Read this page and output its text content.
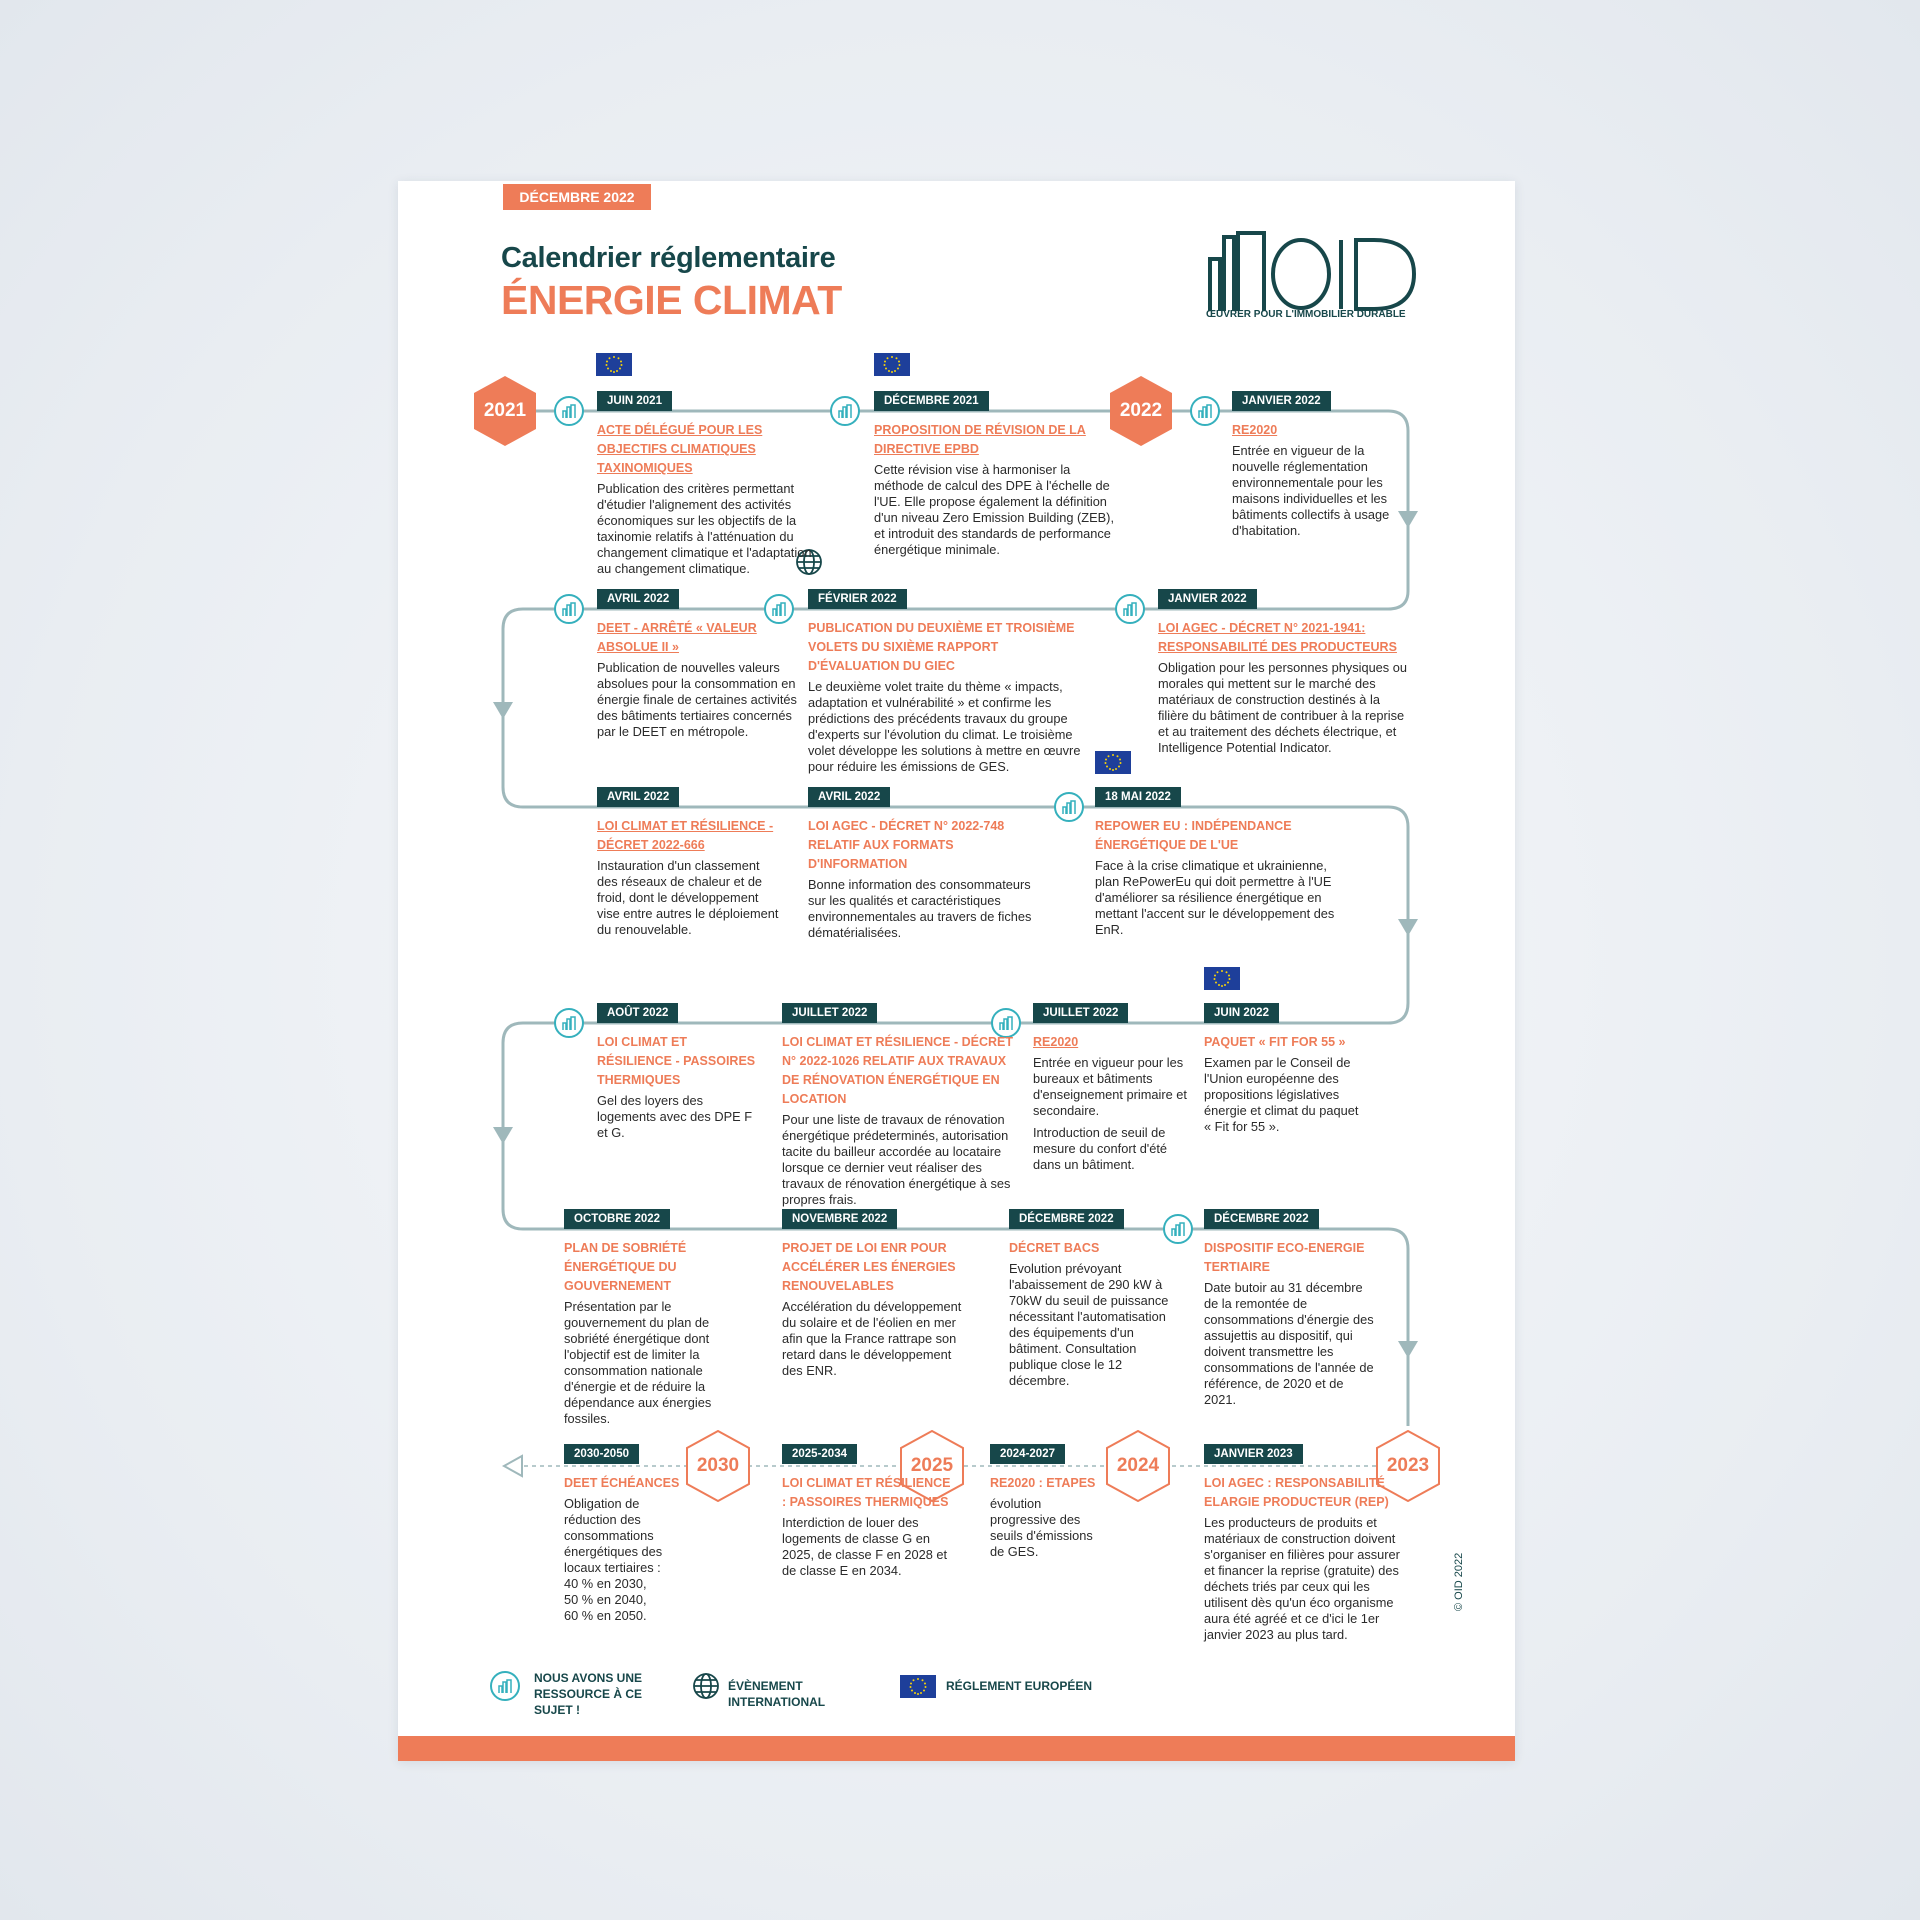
DÉCEMBRE 2022
Calendrier réglementaire
ÉNERGIE CLIMAT	OID
ŒUVRER POUR L'IMMOBILIER DURABLE
2021	2022
2023
2024
2025
2030
JUIN 2021
ACTE DÉLÉGUÉ POUR LES OBJECTIFS CLIMATIQUES TAXINOMIQUES
Publication des critères permettant d'étudier l'alignement des activités économiques sur les objectifs de la taxinomie relatifs à l'atténuation du changement climatique et l'adaptation au changement climatique.
DÉCEMBRE 2021
PROPOSITION DE RÉVISION DE LA DIRECTIVE EPBD
Cette révision vise à harmoniser la méthode de calcul des DPE à l'échelle de l'UE. Elle propose également la définition d'un niveau Zero Emission Building (ZEB), et introduit des standards de performance énergétique minimale.
JANVIER 2022
RE2020
Entrée en vigueur de la nouvelle réglementation environnementale pour les maisons individuelles et les bâtiments collectifs à usage d'habitation.
AVRIL 2022
DEET - ARRÊTÉ « VALEUR ABSOLUE II »
Publication de nouvelles valeurs absolues pour la consommation en énergie finale de certaines activités des bâtiments tertiaires concernés par le DEET en métropole.
FÉVRIER 2022
PUBLICATION DU DEUXIÈME ET TROISIÈME VOLETS DU SIXIÈME RAPPORT D'ÉVALUATION DU GIEC
Le deuxième volet traite du thème « impacts, adaptation et vulnérabilité » et confirme les prédictions des précédents travaux du groupe d'experts sur l'évolution du climat. Le troisième volet développe les solutions à mettre en œuvre pour réduire les émissions de GES.
JANVIER 2022
LOI AGEC - DÉCRET N° 2021-1941: RESPONSABILITÉ DES PRODUCTEURS
Obligation pour les personnes physiques ou morales qui mettent sur le marché des matériaux de construction destinés à la filière du bâtiment de contribuer à la reprise et au traitement des déchets électrique, et Intelligence Potential Indicator.
AVRIL 2022
LOI CLIMAT ET RÉSILIENCE - DÉCRET 2022-666
Instauration d'un classement des réseaux de chaleur et de froid, dont le développement vise entre autres le déploiement du renouvelable.
AVRIL 2022
LOI AGEC - DÉCRET N° 2022-748 RELATIF AUX FORMATS D'INFORMATION
Bonne information des consommateurs sur les qualités et caractéristiques environnementales au travers de fiches dématérialisées.
18 MAI 2022
REPOWER EU : INDÉPENDANCE ÉNERGÉTIQUE DE L'UE
Face à la crise climatique et ukrainienne, plan RePowerEu qui doit permettre à l'UE d'améliorer sa résilience énergétique en mettant l'accent sur le développement des EnR.
AOÛT 2022
LOI CLIMAT ET RÉSILIENCE - PASSOIRES THERMIQUES
Gel des loyers des logements avec des DPE F et G.
JUILLET 2022
LOI CLIMAT ET RÉSILIENCE - DÉCRET N° 2022-1026 RELATIF AUX TRAVAUX DE RÉNOVATION ÉNERGÉTIQUE EN LOCATION
Pour une liste de travaux de rénovation énergétique prédeterminés, autorisation tacite du bailleur accordée au locataire lorsque ce dernier veut réaliser des travaux de rénovation énergétique à ses propres frais.
JUILLET 2022
RE2020
Entrée en vigueur pour les bureaux et bâtiments d'enseignement primaire et secondaire.
Introduction de seuil de mesure du confort d'été dans un bâtiment.
JUIN 2022
PAQUET « FIT FOR 55 »
Examen par le Conseil de l'Union européenne des propositions législatives énergie et climat du paquet « Fit for 55 ».
OCTOBRE 2022
PLAN DE SOBRIÉTÉ ÉNERGÉTIQUE DU GOUVERNEMENT
Présentation par le gouvernement du plan de sobriété énergétique dont l'objectif est de limiter la consommation nationale d'énergie et de réduire la dépendance aux énergies fossiles.
NOVEMBRE 2022
PROJET DE LOI ENR POUR ACCÉLÉRER LES ÉNERGIES RENOUVELABLES
Accélération du développement du solaire et de l'éolien en mer afin que la France rattrape son retard dans le développement des ENR.
DÉCEMBRE 2022
DÉCRET BACS
Evolution prévoyant l'abaissement de 290 kW à 70kW du seuil de puissance nécessitant l'automatisation des équipements d'un bâtiment. Consultation publique close le 12 décembre.
DÉCEMBRE 2022
DISPOSITIF ECO-ENERGIE TERTIAIRE
Date butoir au 31 décembre de la remontée de consommations d'énergie des assujettis au dispositif, qui doivent transmettre les consommations de l'année de référence, de 2020 et de 2021.
2030-2050
DEET ÉCHÉANCES
Obligation de réduction des consommations énergétiques des locaux tertiaires :
40 % en 2030,
50 % en 2040,
60 % en 2050.
2025-2034
LOI CLIMAT ET RÉSILIENCE : PASSOIRES THERMIQUES
Interdiction de louer des logements de classe G en 2025, de classe F en 2028 et de classe E en 2034.
2024-2027
RE2020 : ETAPES
évolution progressive des seuils d'émissions de GES.
JANVIER 2023
LOI AGEC : RESPONSABILITÉ ELARGIE PRODUCTEUR (REP)
Les producteurs de produits et matériaux de construction doivent s'organiser en filières pour assurer et financer la reprise (gratuite) des déchets triés par ceux qui les utilisent dès qu'un éco organisme aura été agréé et ce d'ici le 1er janvier 2023 au plus tard.
NOUS AVONS UNE RESSOURCE À CE SUJET !
ÉVÈNEMENT INTERNATIONAL
RÉGLEMENT EUROPÉEN
© OID 2022
